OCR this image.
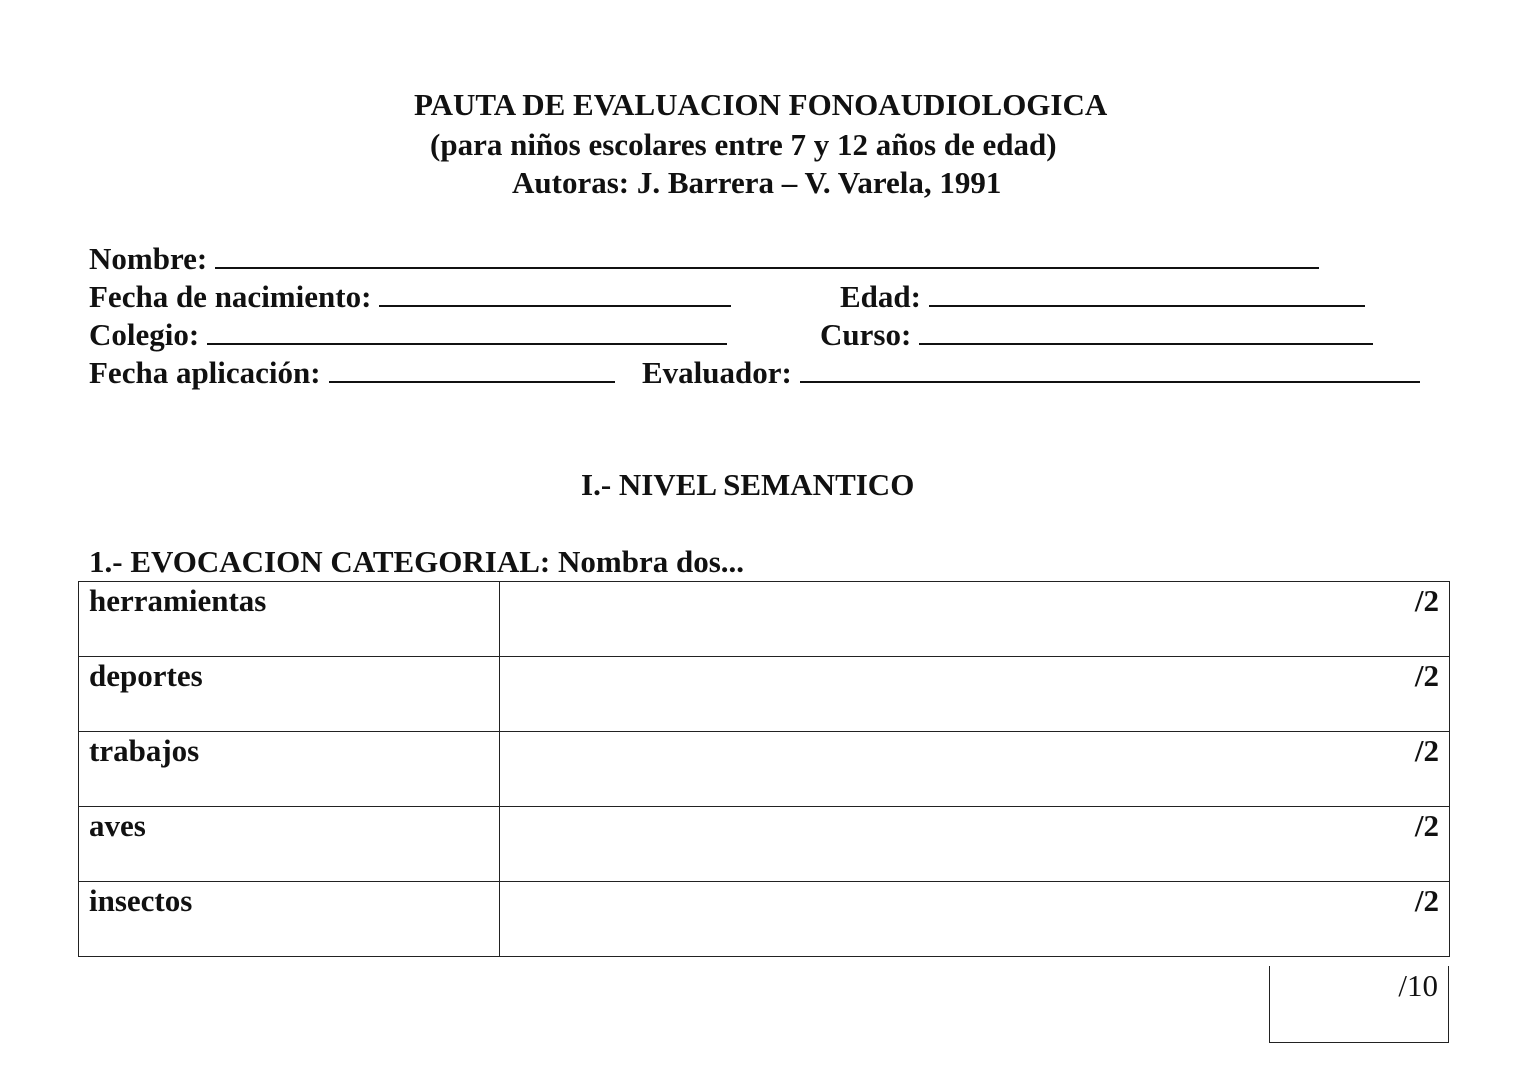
PAUTA DE EVALUACION FONOAUDIOLOGICA
(para niños escolares entre 7 y 12 años de edad)
Autoras: J. Barrera – V. Varela, 1991
Nombre:
Fecha de nacimiento:	Edad:
Colegio:	Curso:
Fecha aplicación:	Evaluador:
I.- NIVEL SEMANTICO
1.- EVOCACION CATEGORIAL: Nombra dos...
herramientas	/2
deportes	/2
trabajos	/2
aves	/2
insectos	/2
/10
